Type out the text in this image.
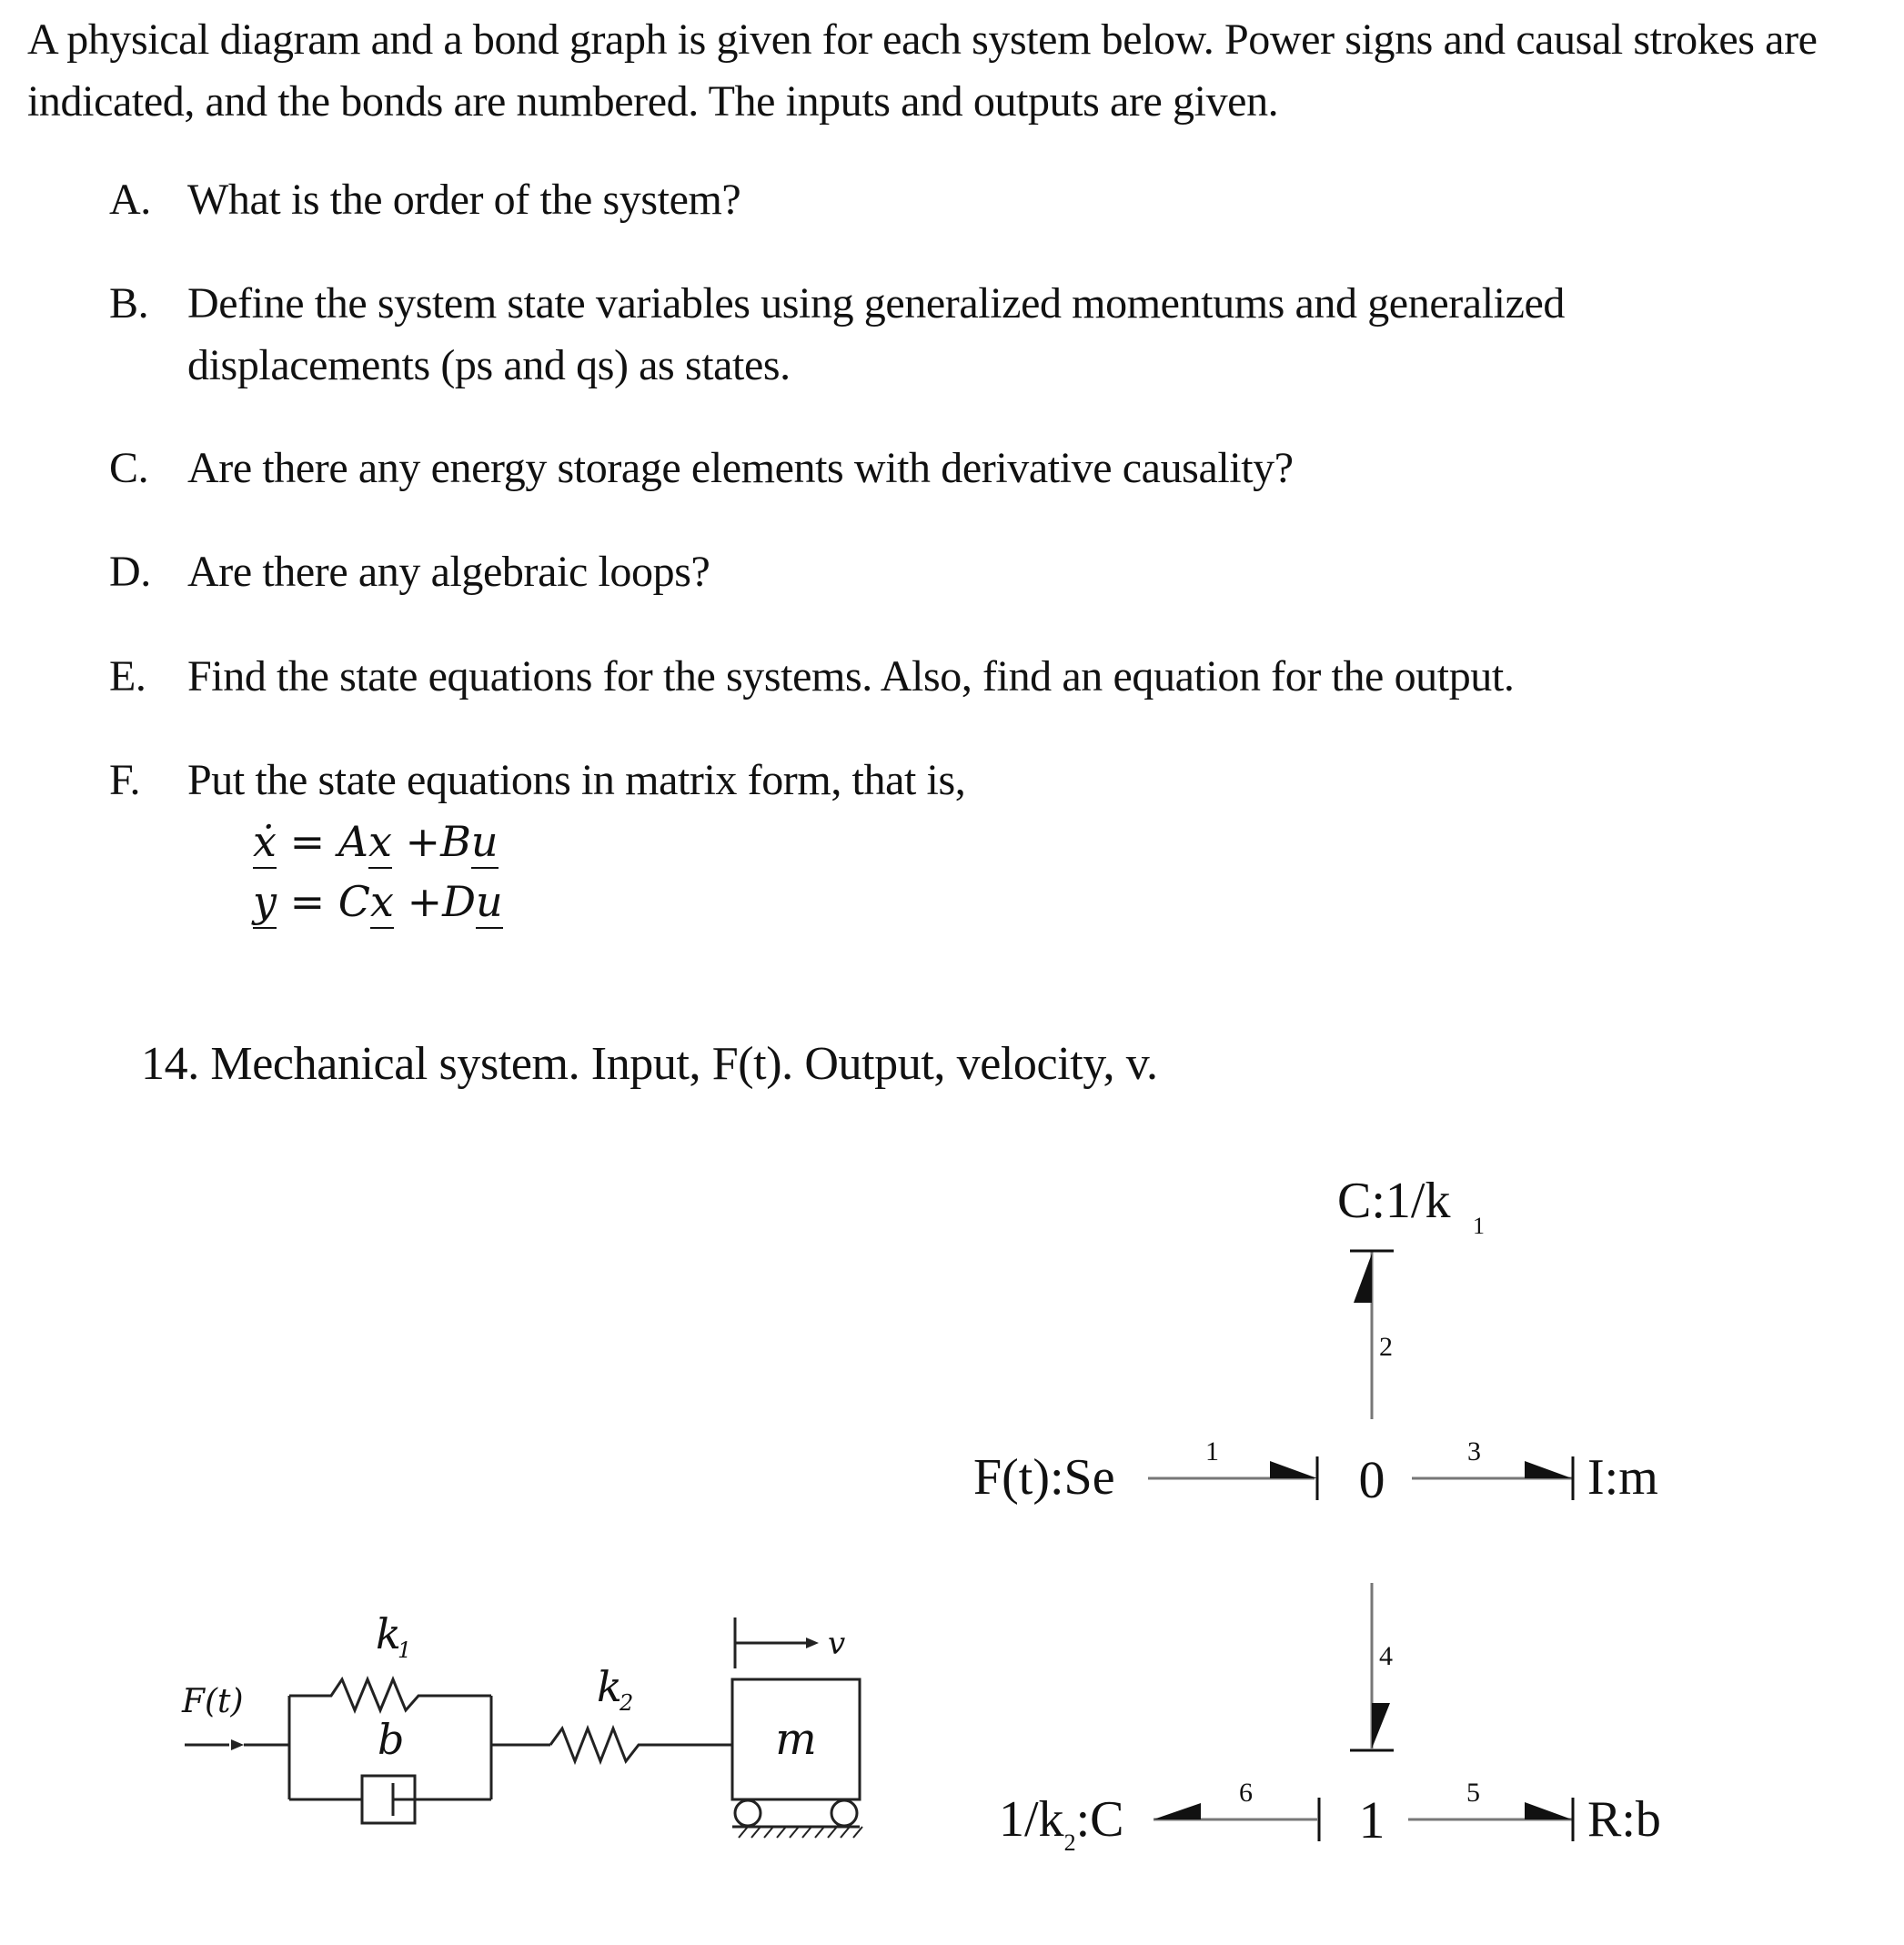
A physical diagram and a bond graph is given for each system below. Power signs and causal strokes are indicated, and the bonds are numbered. The inputs and outputs are given.
A. What is the order of the system?
B. Define the system state variables using generalized momentums and generalized displacements (ps and qs) as states.
C. Are there any energy storage elements with derivative causality?
D. Are there any algebraic loops?
E. Find the state equations for the systems. Also, find an equation for the output.
F. Put the state equations in matrix form, that is,
ẋ = Ax +Bu
y = Cx +Du
14. Mechanical system. Input, F(t). Output, velocity, v.
F(t)
k
1
b
k
2
m
v
C:1/k 1
2
F(t):Se	1	0	3 I:m
4
1
6
$1/k_2:C$	5 R:b
